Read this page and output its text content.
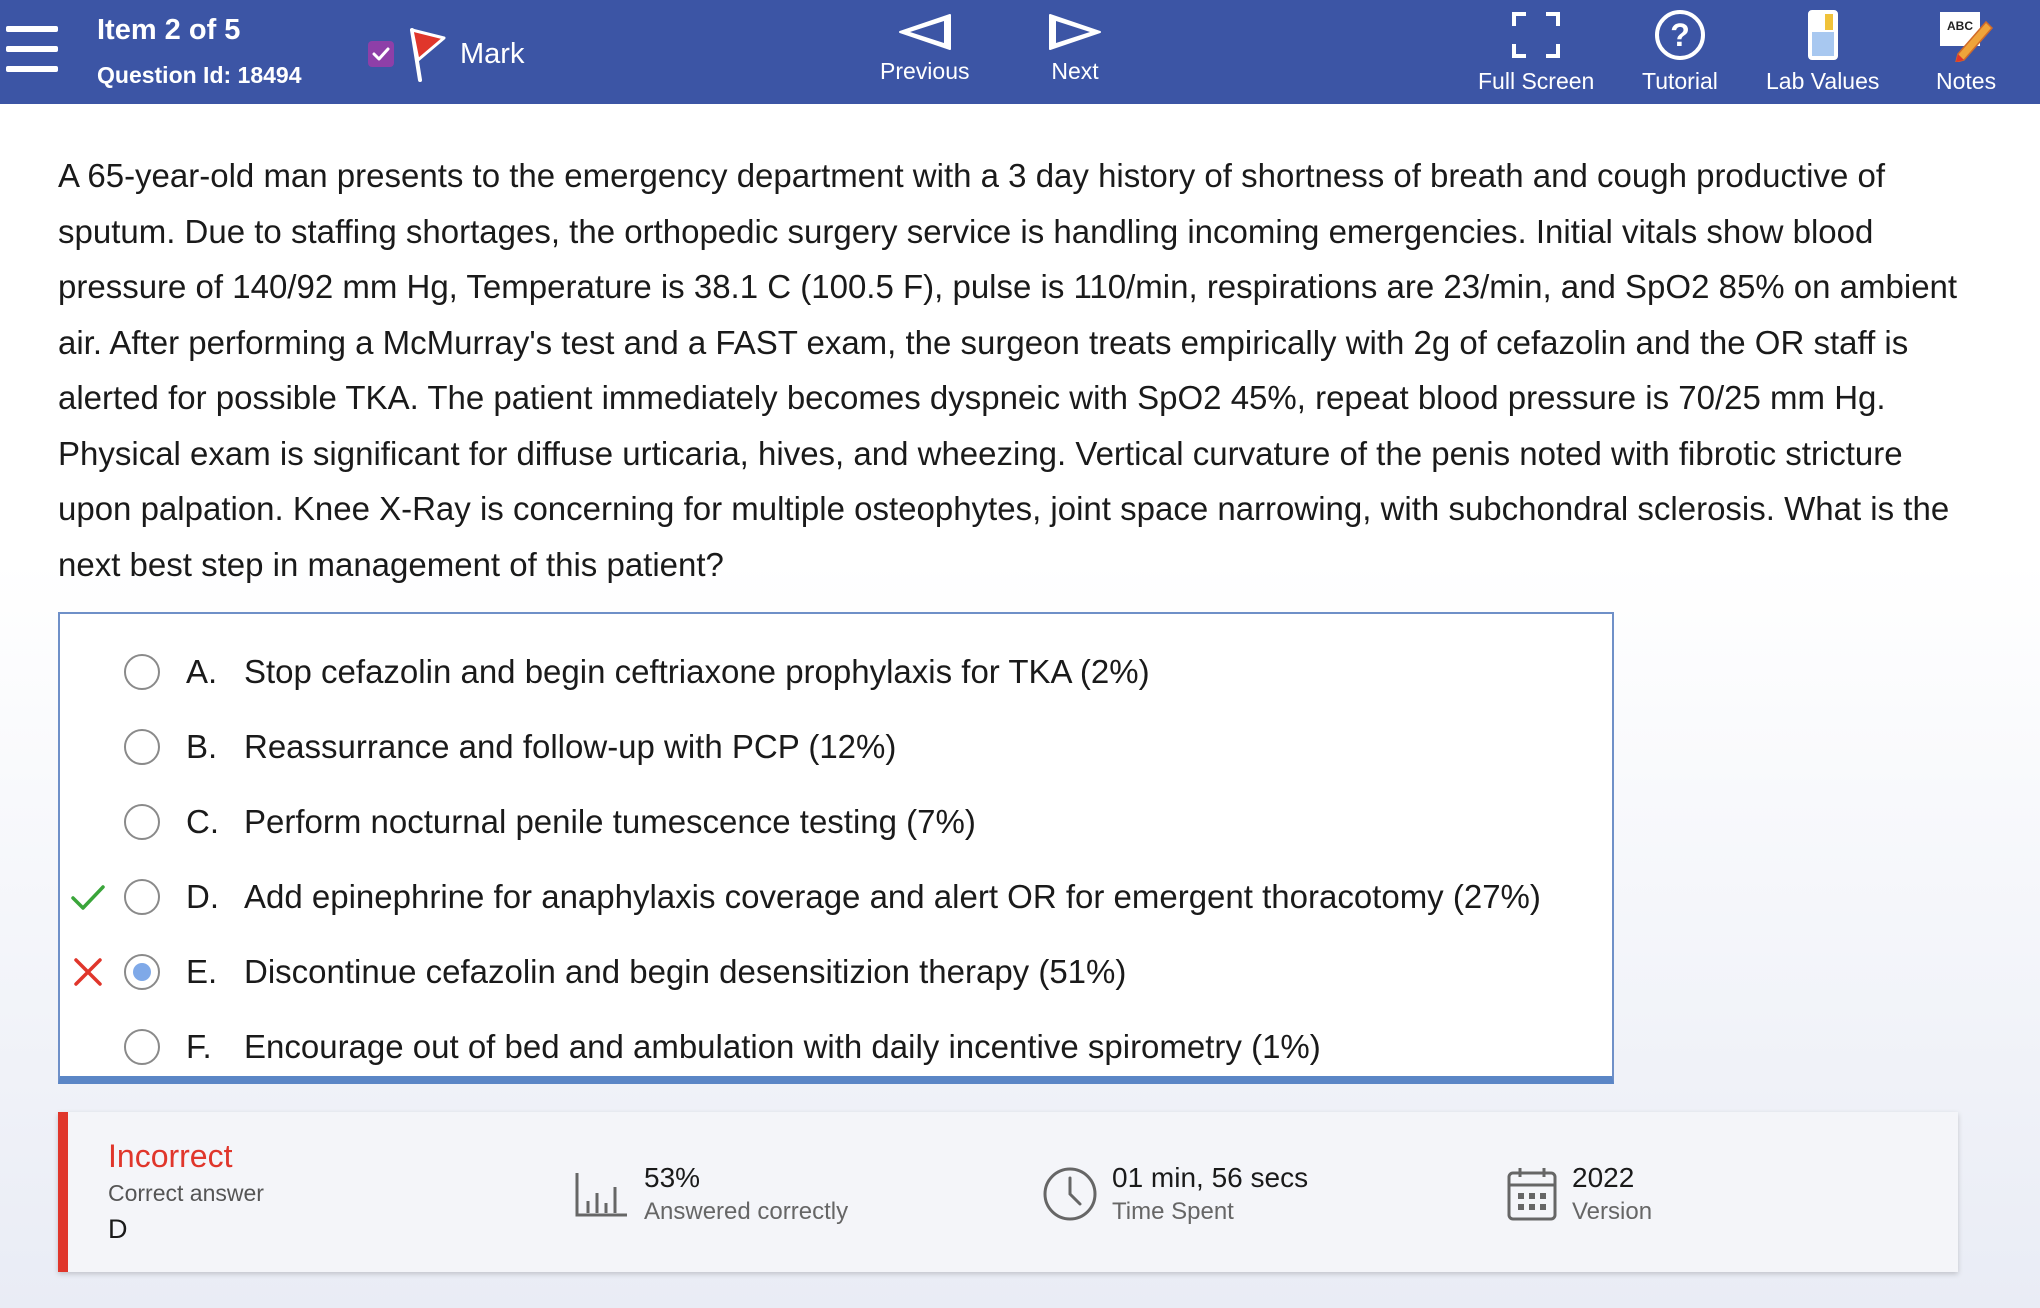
Item 2 of 5
Question Id: 18494
Mark
Previous	Next	Full Screen
?
Tutorial Lab Values
ABC
Notes
A 65-year-old man presents to the emergency department with a 3 day history of shortness of breath and cough productive of sputum. Due to staffing shortages, the orthopedic surgery service is handling incoming emergencies. Initial vitals show blood pressure of 140/92 mm Hg, Temperature is 38.1 C (100.5 F), pulse is 110/min, respirations are 23/min, and SpO2 85% on ambient air. After performing a McMurray's test and a FAST exam, the surgeon treats empirically with 2g of cefazolin and the OR staff is alerted for possible TKA. The patient immediately becomes dyspneic with SpO2 45%, repeat blood pressure is 70/25 mm Hg. Physical exam is significant for diffuse urticaria, hives, and wheezing. Vertical curvature of the penis noted with fibrotic stricture upon palpation. Knee X-Ray is concerning for multiple osteophytes, joint space narrowing, with subchondral sclerosis. What is the next best step in management of this patient?
A. Stop cefazolin and begin ceftriaxone prophylaxis for TKA (2%)
B. Reassurrance and follow-up with PCP (12%)
C. Perform nocturnal penile tumescence testing (7%)
D. Add epinephrine for anaphylaxis coverage and alert OR for emergent thoracotomy (27%)
E. Discontinue cefazolin and begin desensitizion therapy (51%)
F. Encourage out of bed and ambulation with daily incentive spirometry (1%)
Incorrect
Correct answer
D
53%
Answered correctly
01 min, 56 secs
Time Spent
2022
Version
